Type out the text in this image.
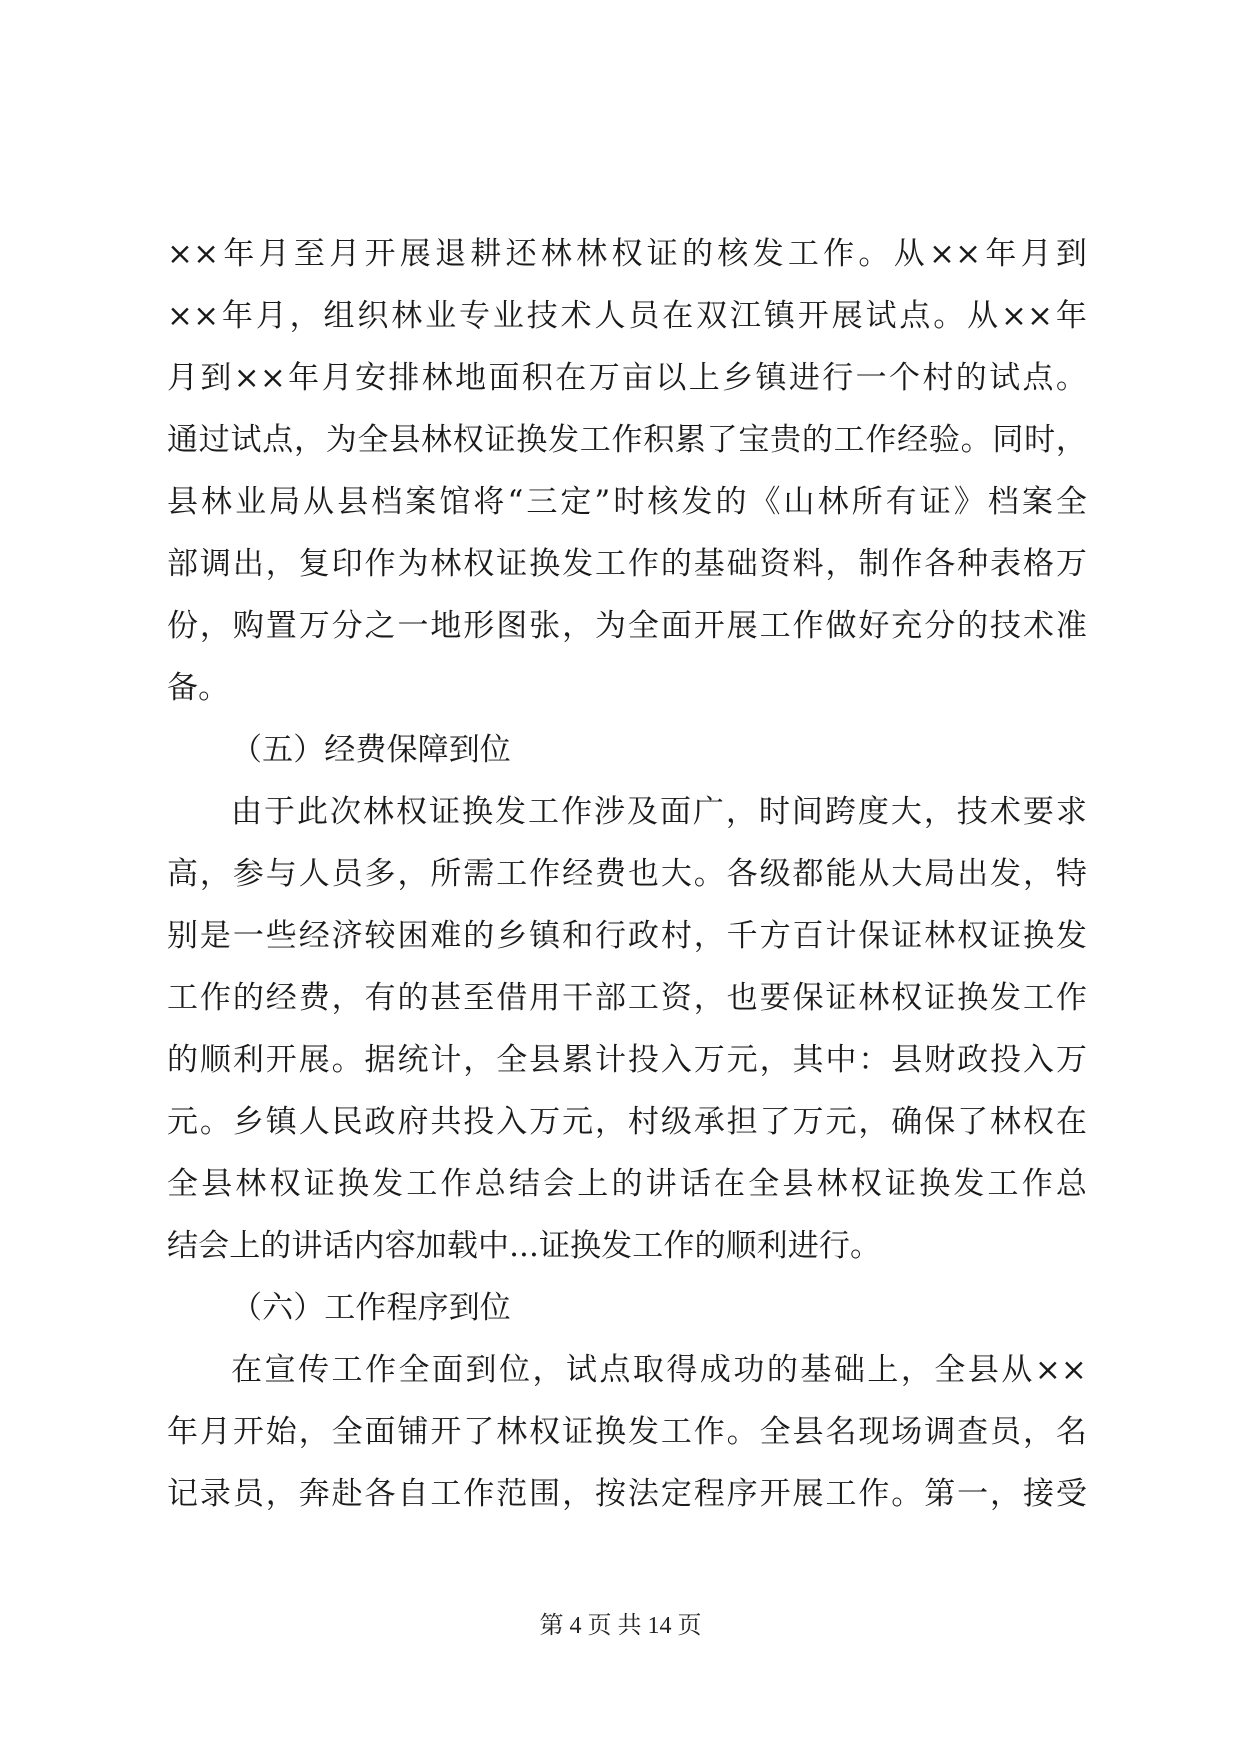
××年月至月开展退耕还林林权证的核发工作。从××年月到
××年月，组织林业专业技术人员在双江镇开展试点。从××年
月到××年月安排林地面积在万亩以上乡镇进行一个村的试点。
通过试点，为全县林权证换发工作积累了宝贵的工作经验。同时，
县林业局从县档案馆将“三定”时核发的《山林所有证》档案全
部调出，复印作为林权证换发工作的基础资料，制作各种表格万
份，购置万分之一地形图张，为全面开展工作做好充分的技术准
备。
（五）经费保障到位
由于此次林权证换发工作涉及面广，时间跨度大，技术要求
高，参与人员多，所需工作经费也大。各级都能从大局出发，特
别是一些经济较困难的乡镇和行政村，千方百计保证林权证换发
工作的经费，有的甚至借用干部工资，也要保证林权证换发工作
的顺利开展。据统计，全县累计投入万元，其中：县财政投入万
元。乡镇人民政府共投入万元，村级承担了万元，确保了林权在
全县林权证换发工作总结会上的讲话在全县林权证换发工作总
结会上的讲话内容加载中...证换发工作的顺利进行。
（六）工作程序到位
在宣传工作全面到位，试点取得成功的基础上，全县从××
年月开始，全面铺开了林权证换发工作。全县名现场调查员，名
记录员，奔赴各自工作范围，按法定程序开展工作。第一，接受
第 4 页 共 14 页
